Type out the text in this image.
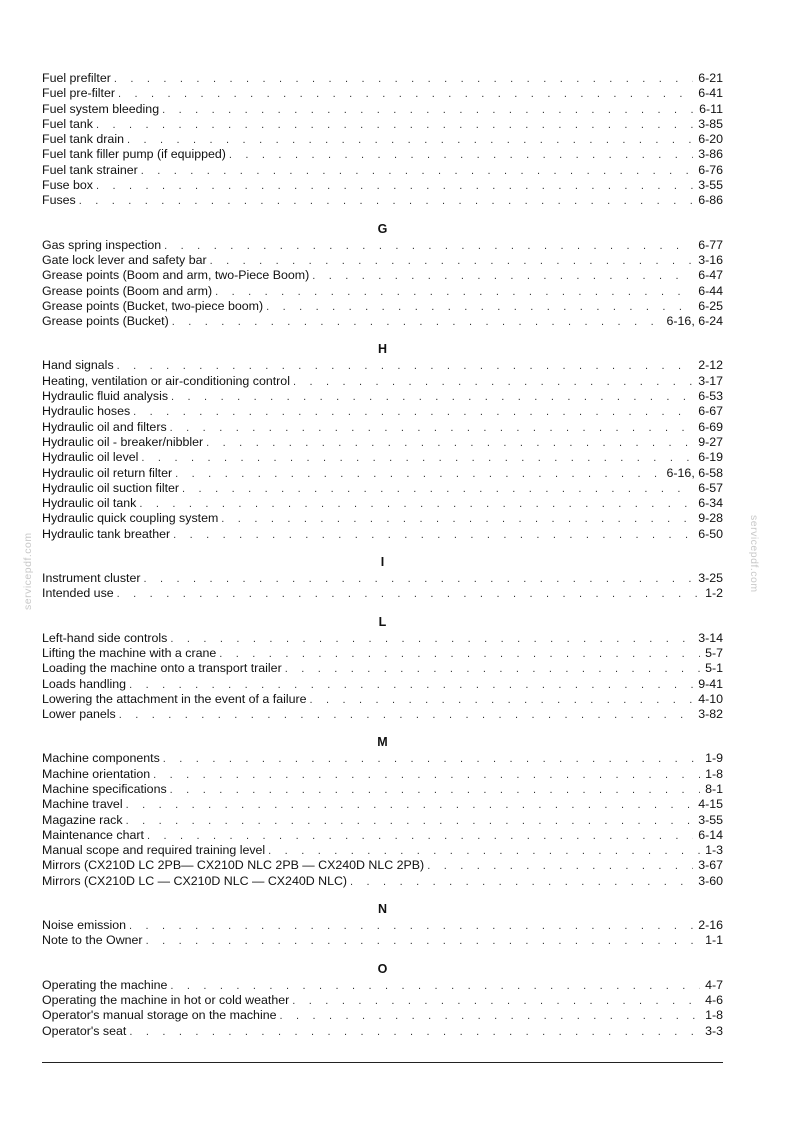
servicepdf.com	servicepdf.com
Fuel prefilter . . .	6-21
Fuel pre-filter . . .	6-41
Fuel system bleeding . . .	6-11
Fuel tank . . .	3-85
Fuel tank drain . . .	6-20
Fuel tank filler pump (if equipped) . . .	3-86
Fuel tank strainer . . .	6-76
Fuse box . . .	3-55
Fuses . . .	6-86
G
Gas spring inspection . . .	6-77
Gate lock lever and safety bar . . .	3-16
Grease points (Boom and arm, two-Piece Boom) . . .	6-47
Grease points (Boom and arm) . . .	6-44
Grease points (Bucket, two-piece boom) . . .	6-25
Grease points (Bucket) . . .	6-16, 6-24
H
Hand signals . . .	2-12
Heating, ventilation or air-conditioning control . . .	3-17
Hydraulic fluid analysis . . .	6-53
Hydraulic hoses . . .	6-67
Hydraulic oil and filters . . .	6-69
Hydraulic oil - breaker/nibbler . . .	9-27
Hydraulic oil level . . .	6-19
Hydraulic oil return filter . . .	6-16, 6-58
Hydraulic oil suction filter . . .	6-57
Hydraulic oil tank . . .	6-34
Hydraulic quick coupling system . . .	9-28
Hydraulic tank breather . . .	6-50
I
Instrument cluster . . .	3-25
Intended use . . .	1-2
L
Left-hand side controls . . .	3-14
Lifting the machine with a crane . . .	5-7
Loading the machine onto a transport trailer . . .	5-1
Loads handling . . .	9-41
Lowering the attachment in the event of a failure . . .	4-10
Lower panels . . .	3-82
M
Machine components . . .	1-9
Machine orientation . . .	1-8
Machine specifications . . .	8-1
Machine travel . . .	4-15
Magazine rack . . .	3-55
Maintenance chart . . .	6-14
Manual scope and required training level . . .	1-3
Mirrors (CX210D LC 2PB— CX210D NLC 2PB — CX240D NLC 2PB) . . .	3-67
Mirrors (CX210D LC — CX210D NLC — CX240D NLC) . . .	3-60
N
Noise emission . . .	2-16
Note to the Owner . . .	1-1
O
Operating the machine . . .	4-7
Operating the machine in hot or cold weather . . .	4-6
Operator's manual storage on the machine . . .	1-8
Operator's seat . . .	3-3
